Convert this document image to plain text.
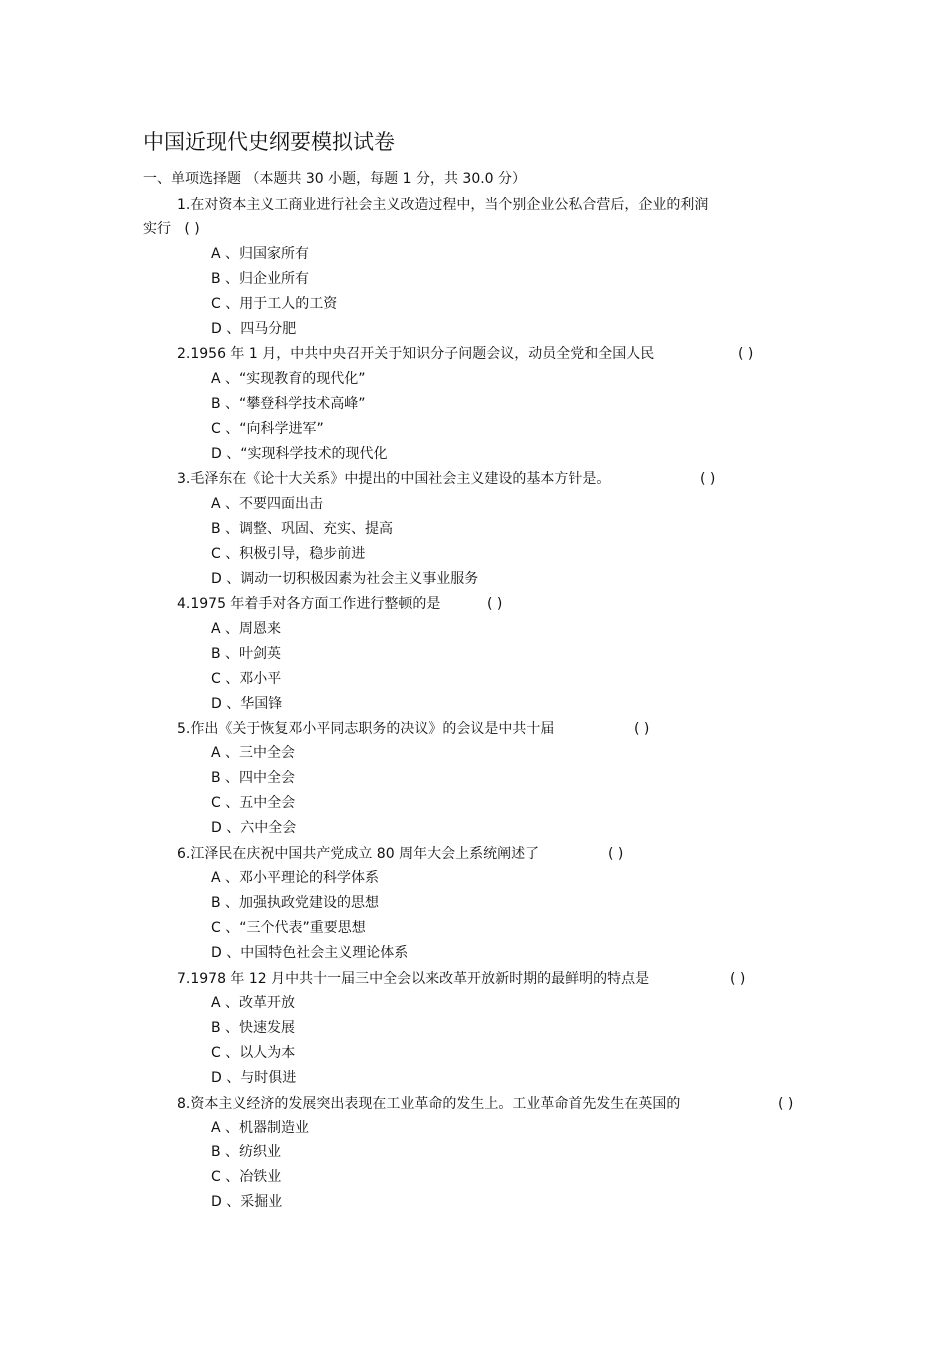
中国近现代史纲要模拟试卷
一、单项选择题 （本题共 30 小题，每题 1 分，共 30.0 分）
1.在对资本主义工商业进行社会主义改造过程中，当个别企业公私合营后，企业的利润
实行 ( )
A 、归国家所有
B 、归企业所有
C 、用于工人的工资
D 、四马分肥
2.1956 年 1 月，中共中央召开关于知识分子问题会议，动员全党和全国人民	( )
A 、“实现教育的现代化”
B 、“攀登科学技术高峰”
C 、“向科学进军”
D 、“实现科学技术的现代化
3.毛泽东在《论十大关系》中提出的中国社会主义建设的基本方针是。	( )
A 、不要四面出击
B 、调整、巩固、充实、提高
C 、积极引导，稳步前进
D 、调动一切积极因素为社会主义事业服务
4.1975 年着手对各方面工作进行整顿的是	( )
A 、周恩来
B 、叶剑英
C 、邓小平
D 、华国锋
5.作出《关于恢复邓小平同志职务的决议》的会议是中共十届	( )
A 、三中全会
B 、四中全会
C 、五中全会
D 、六中全会
6.江泽民在庆祝中国共产党成立 80 周年大会上系统阐述了	( )
A 、邓小平理论的科学体系
B 、加强执政党建设的思想
C 、“三个代表”重要思想
D 、中国特色社会主义理论体系
7.1978 年 12 月中共十一届三中全会以来改革开放新时期的最鲜明的特点是	( )
A 、改革开放
B 、快速发展
C 、以人为本
D 、与时俱进
8.资本主义经济的发展突出表现在工业革命的发生上。工业革命首先发生在英国的	( )
A 、机器制造业
B 、纺织业
C 、冶铁业
D 、采掘业
